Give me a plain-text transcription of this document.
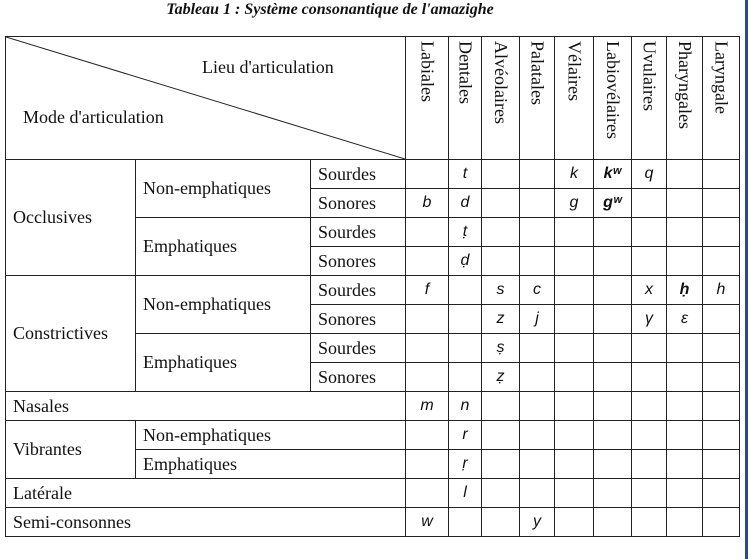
Tableau 1 : Système consonantique de l'amazighe
Lieu d'articulation
Mode d'articulation			Labiales	Dentales	Alvéolaires	Palatales	Vélaires	Labiovélaires	Uvulaires	Pharyngales	Laryngale

Occlusives	Non-emphatiques	Sourdes		t			k	kʷ	q		
		Sonores	b	d			g	gʷ			
	Emphatiques	Sourdes		ṭ							
		Sonores		ḍ							
Constrictives	Non-emphatiques	Sourdes	f		s	c			x	ḥ	h
		Sonores			z	j			γ	ε	
	Emphatiques	Sourdes			ṣ						
		Sonores			ẓ						
Nasales			m	n							
Vibrantes	Non-emphatiques			r							
	Emphatiques			ṛ							
Latérale				l							
Semi-consonnes			w			y					
